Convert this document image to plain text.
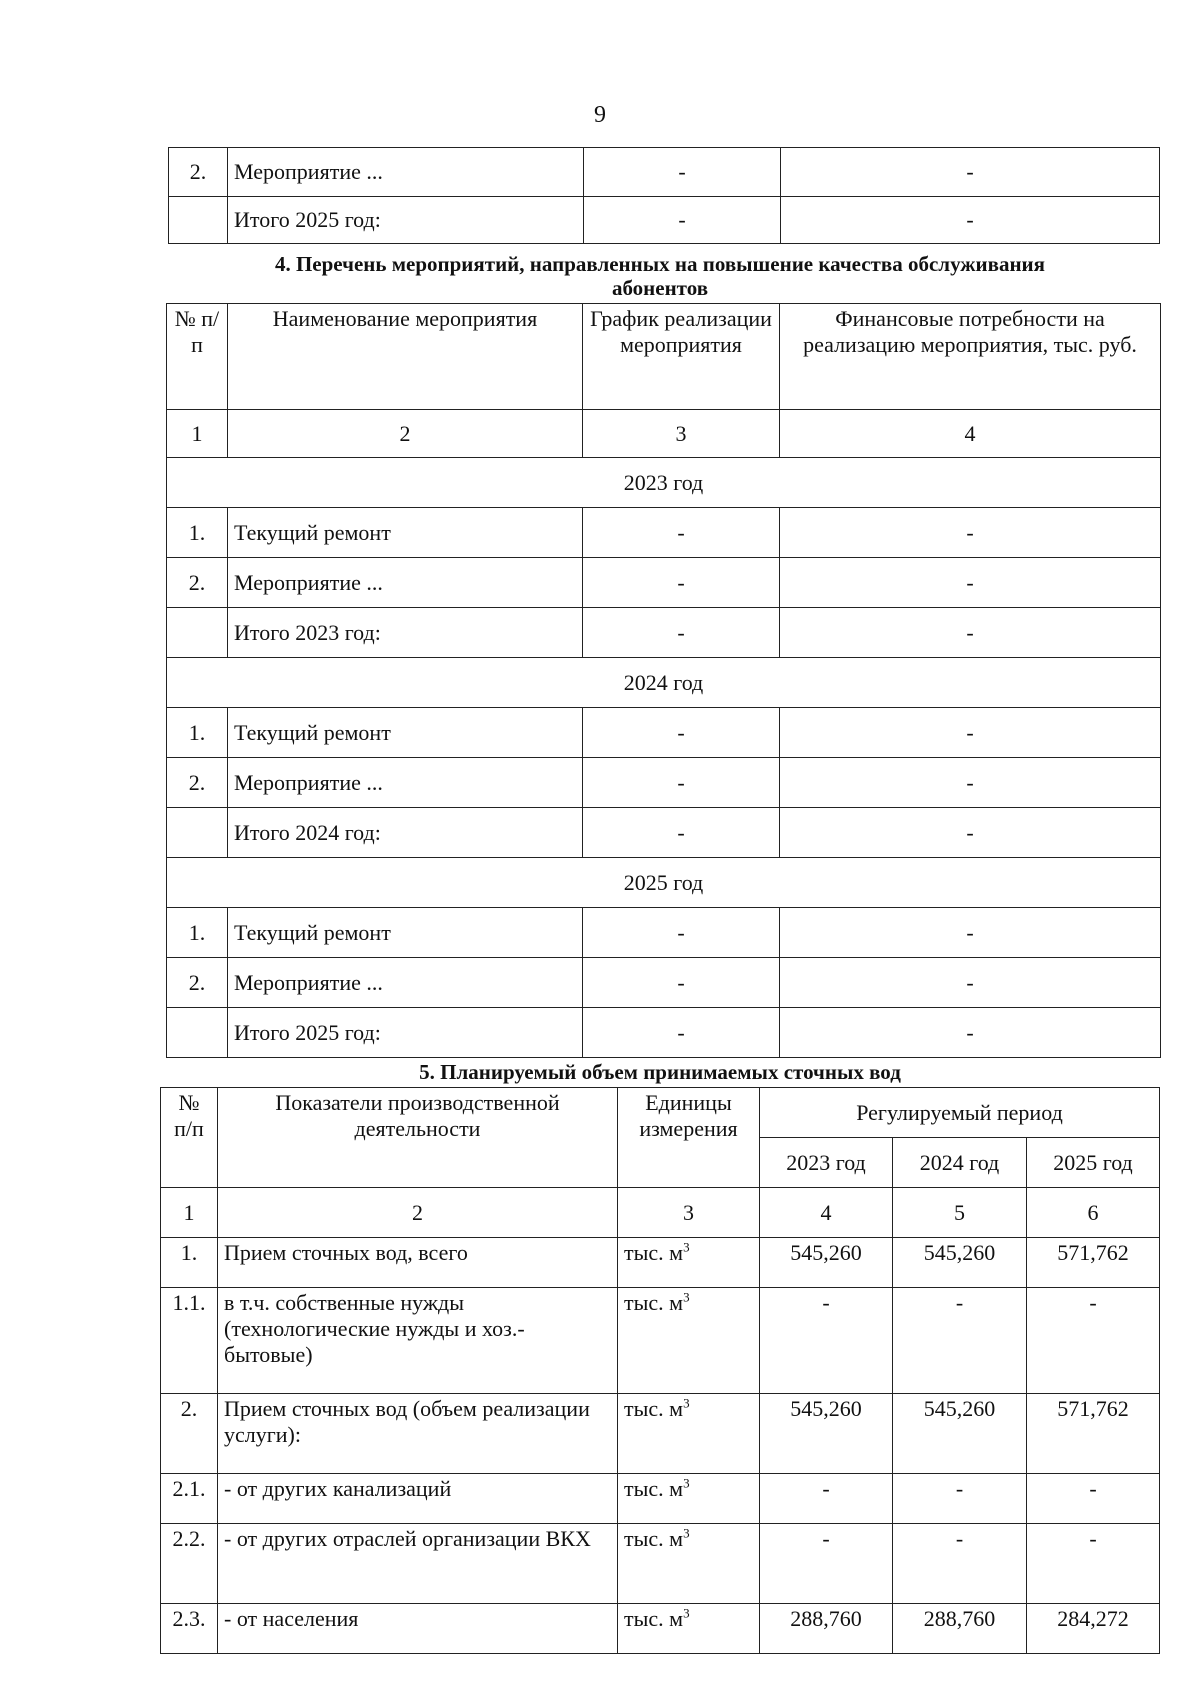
9
2.	Мероприятие ...	-	-
	Итого 2025 год:	-	-
4. Перечень мероприятий, направленных на повышение качества обслуживания
абонентов
№ п/п	Наименование мероприятия	График реализации мероприятия	Финансовые потребности на реализацию мероприятия, тыс. руб.
1	2	3	4
2023 год			
1.	Текущий ремонт	-	-
2.	Мероприятие ...	-	-
	Итого 2023 год:	-	-
2024 год			
1.	Текущий ремонт	-	-
2.	Мероприятие ...	-	-
	Итого 2024 год:	-	-
2025 год			
1.	Текущий ремонт	-	-
2.	Мероприятие ...	-	-
	Итого 2025 год:	-	-
5. Планируемый объем принимаемых сточных вод
№ п/п	Показатели производственной деятельности	Единицы измерения	Регулируемый период		
			2023 год	2024 год	2025 год
1	2	3	4	5	6
1.	Прием сточных вод, всего	тыс. $м^3$	545,260	545,260	571,762
1.1.	в т.ч. собственные нужды (технологические нужды и хоз.-бытовые)	тыс. $м^3$	-	-	-
2.	Прием сточных вод (объем реализации услуги):	тыс. $м^3$	545,260	545,260	571,762
2.1.	- от других канализаций	тыс. $м^3$	-	-	-
2.2.	- от других отраслей организации ВКХ	тыс. $м^3$	-	-	-
2.3.	- от населения	тыс. $м^3$	288,760	288,760	284,272
